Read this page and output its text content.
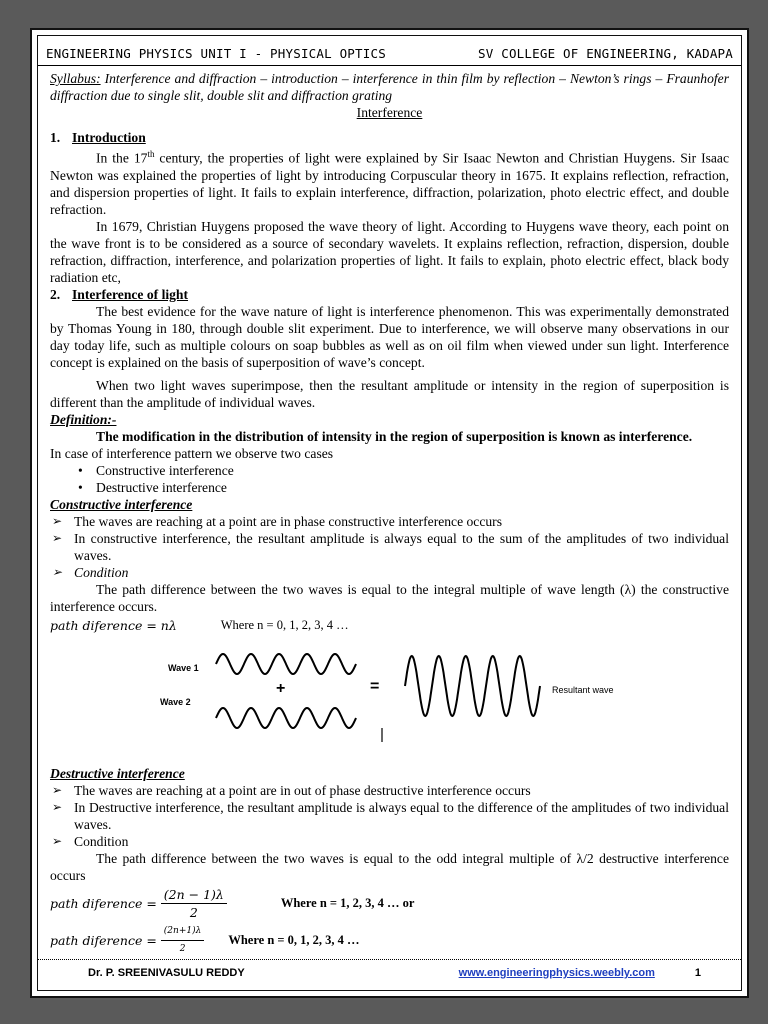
ENGINEERING PHYSICS UNIT I - PHYSICAL OPTICS	SV COLLEGE OF ENGINEERING, KADAPA

Syllabus: Interference and diffraction – introduction – interference in thin film by reflection – Newton’s rings – Fraunhofer diffraction due to single slit, double slit and diffraction grating

Interference

1. Introduction

In the 17th century, the properties of light were explained by Sir Isaac Newton and Christian Huygens. Sir Isaac Newton was explained the properties of light by introducing Corpuscular theory in 1675. It explains reflection, refraction, and dispersion properties of light. It fails to explain interference, diffraction, polarization, photo electric effect, and double refraction.

In 1679, Christian Huygens proposed the wave theory of light. According to Huygens wave theory, each point on the wave front is to be considered as a source of secondary wavelets. It explains reflection, refraction, dispersion, double refraction, diffraction, interference, and polarization properties of light. It fails to explain, photo electric effect, black body radiation etc,

2. Interference of light

The best evidence for the wave nature of light is interference phenomenon. This was experimentally demonstrated by Thomas Young in 180, through double slit experiment. Due to interference, we will observe many observations in our day today life, such as multiple colours on soap bubbles as well as on oil film when viewed under sun light. Interference concept is explained on the basis of superposition of wave’s concept.

When two light waves superimpose, then the resultant amplitude or intensity in the region of superposition is different than the amplitude of individual waves.

Definition:-

The modification in the distribution of intensity in the region of superposition is known as interference.

In case of interference pattern we observe two cases

• Constructive interference
• Destructive interference

Constructive interference

➢ The waves are reaching at a point are in phase constructive interference occurs
➢ In constructive interference, the resultant amplitude is always equal to the sum of the amplitudes of two individual waves.
➢ Condition

The path difference between the two waves is equal to the integral multiple of wave length (λ) the constructive interference occurs.

path diference = nλ	Where n = 0, 1, 2, 3, 4 …
Wave 1
Wave 2
+	=	Resultant wave

Destructive interference

➢ The waves are reaching at a point are in out of phase destructive interference occurs
➢ In Destructive interference, the resultant amplitude is always equal to the difference of the amplitudes of two individual waves.
➢ Condition

The path difference between the two waves is equal to the odd integral multiple of λ/2 destructive interference occurs

path diference = $\frac{(2n - 1)\lambda}{2}$	Where n = 1, 2, 3, 4 … or
path diference = $\frac{(2n+1)\lambda}{2}$ Where n = 0, 1, 2, 3, 4 …
Dr. P. SREENIVASULU REDDY	www.engineeringphysics.weebly.com	1
